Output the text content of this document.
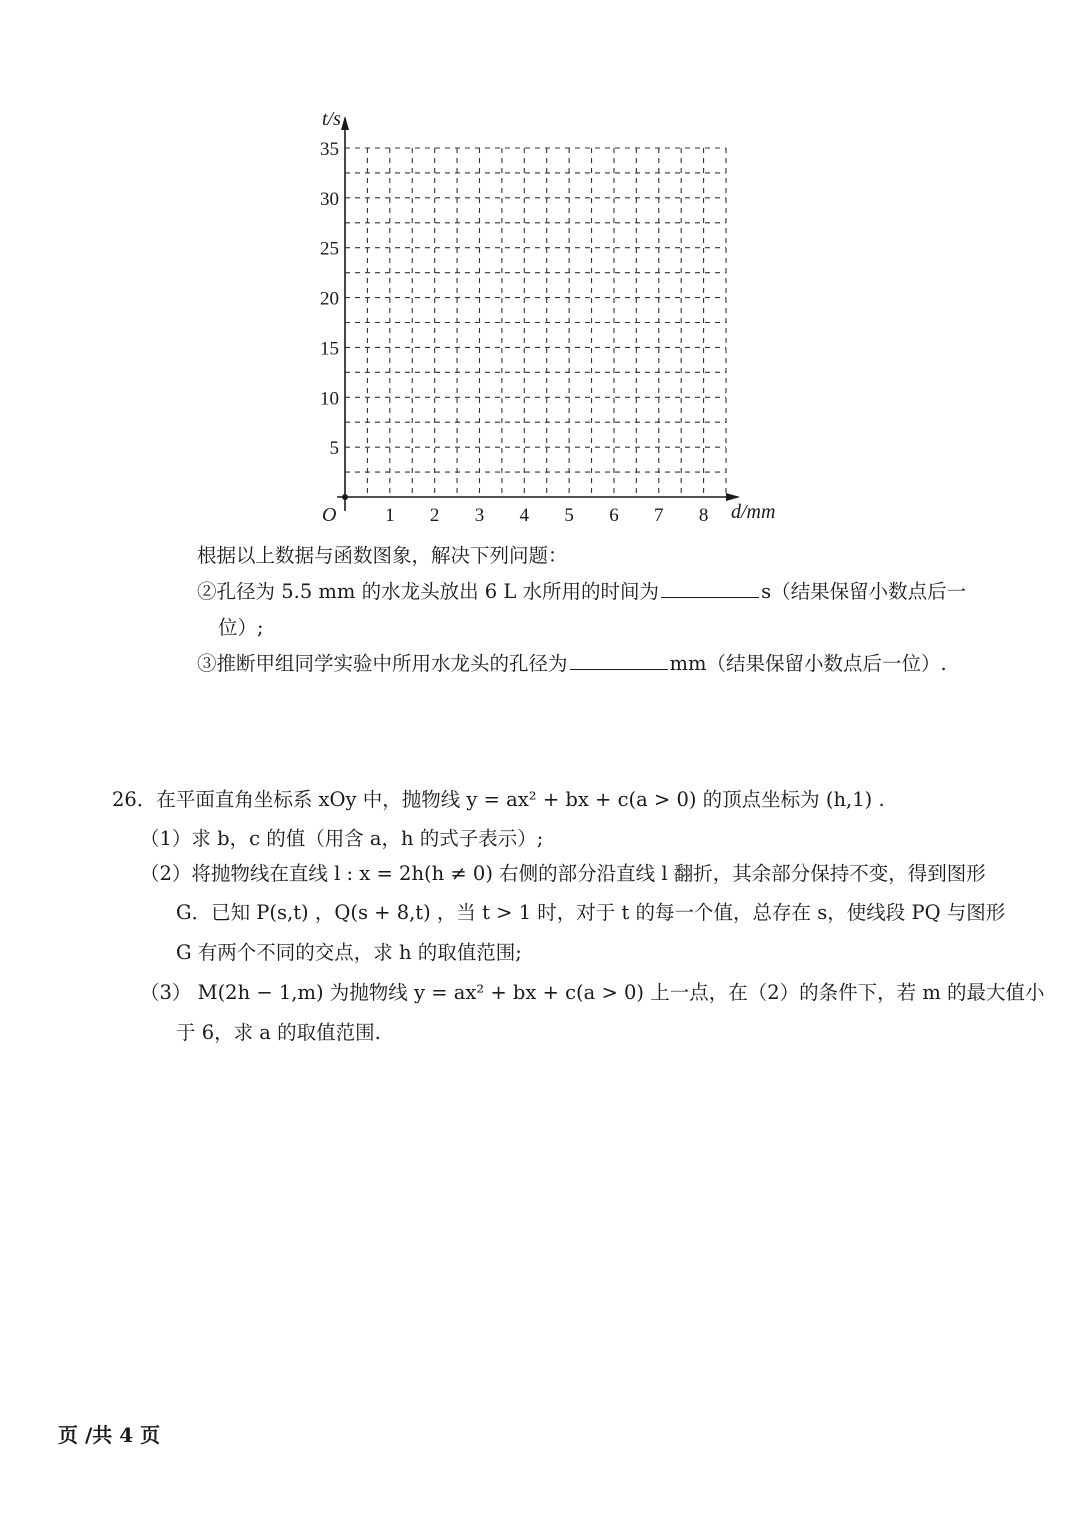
1 2 3 4 5 6 7 8
5
10
15
20
25
30
35
t/s
d/mm
O
根据以上数据与函数图象，解决下列问题：
②孔径为 5.5 mm 的水龙头放出 6 L 水所用的时间为	s（结果保留小数点后一
位）;
③推断甲组同学实验中所用水龙头的孔径为	mm（结果保留小数点后一位）.
26．在平面直角坐标系 xOy 中，抛物线 y = ax² + bx + c(a > 0) 的顶点坐标为 (h,1) .
（1）求 b，c 的值（用含 a，h 的式子表示）;
（2）将抛物线在直线 l : x = 2h(h ≠ 0) 右侧的部分沿直线 l 翻折，其余部分保持不变，得到图形
G．已知 P(s,t) ，Q(s + 8,t) ，当 t > 1 时，对于 t 的每一个值，总存在 s，使线段 PQ 与图形
G 有两个不同的交点，求 h 的取值范围;
（3） M(2h − 1,m) 为抛物线 y = ax² + bx + c(a > 0) 上一点，在（2）的条件下，若 m 的最大值小
于 6，求 a 的取值范围.
页 /共 4 页
